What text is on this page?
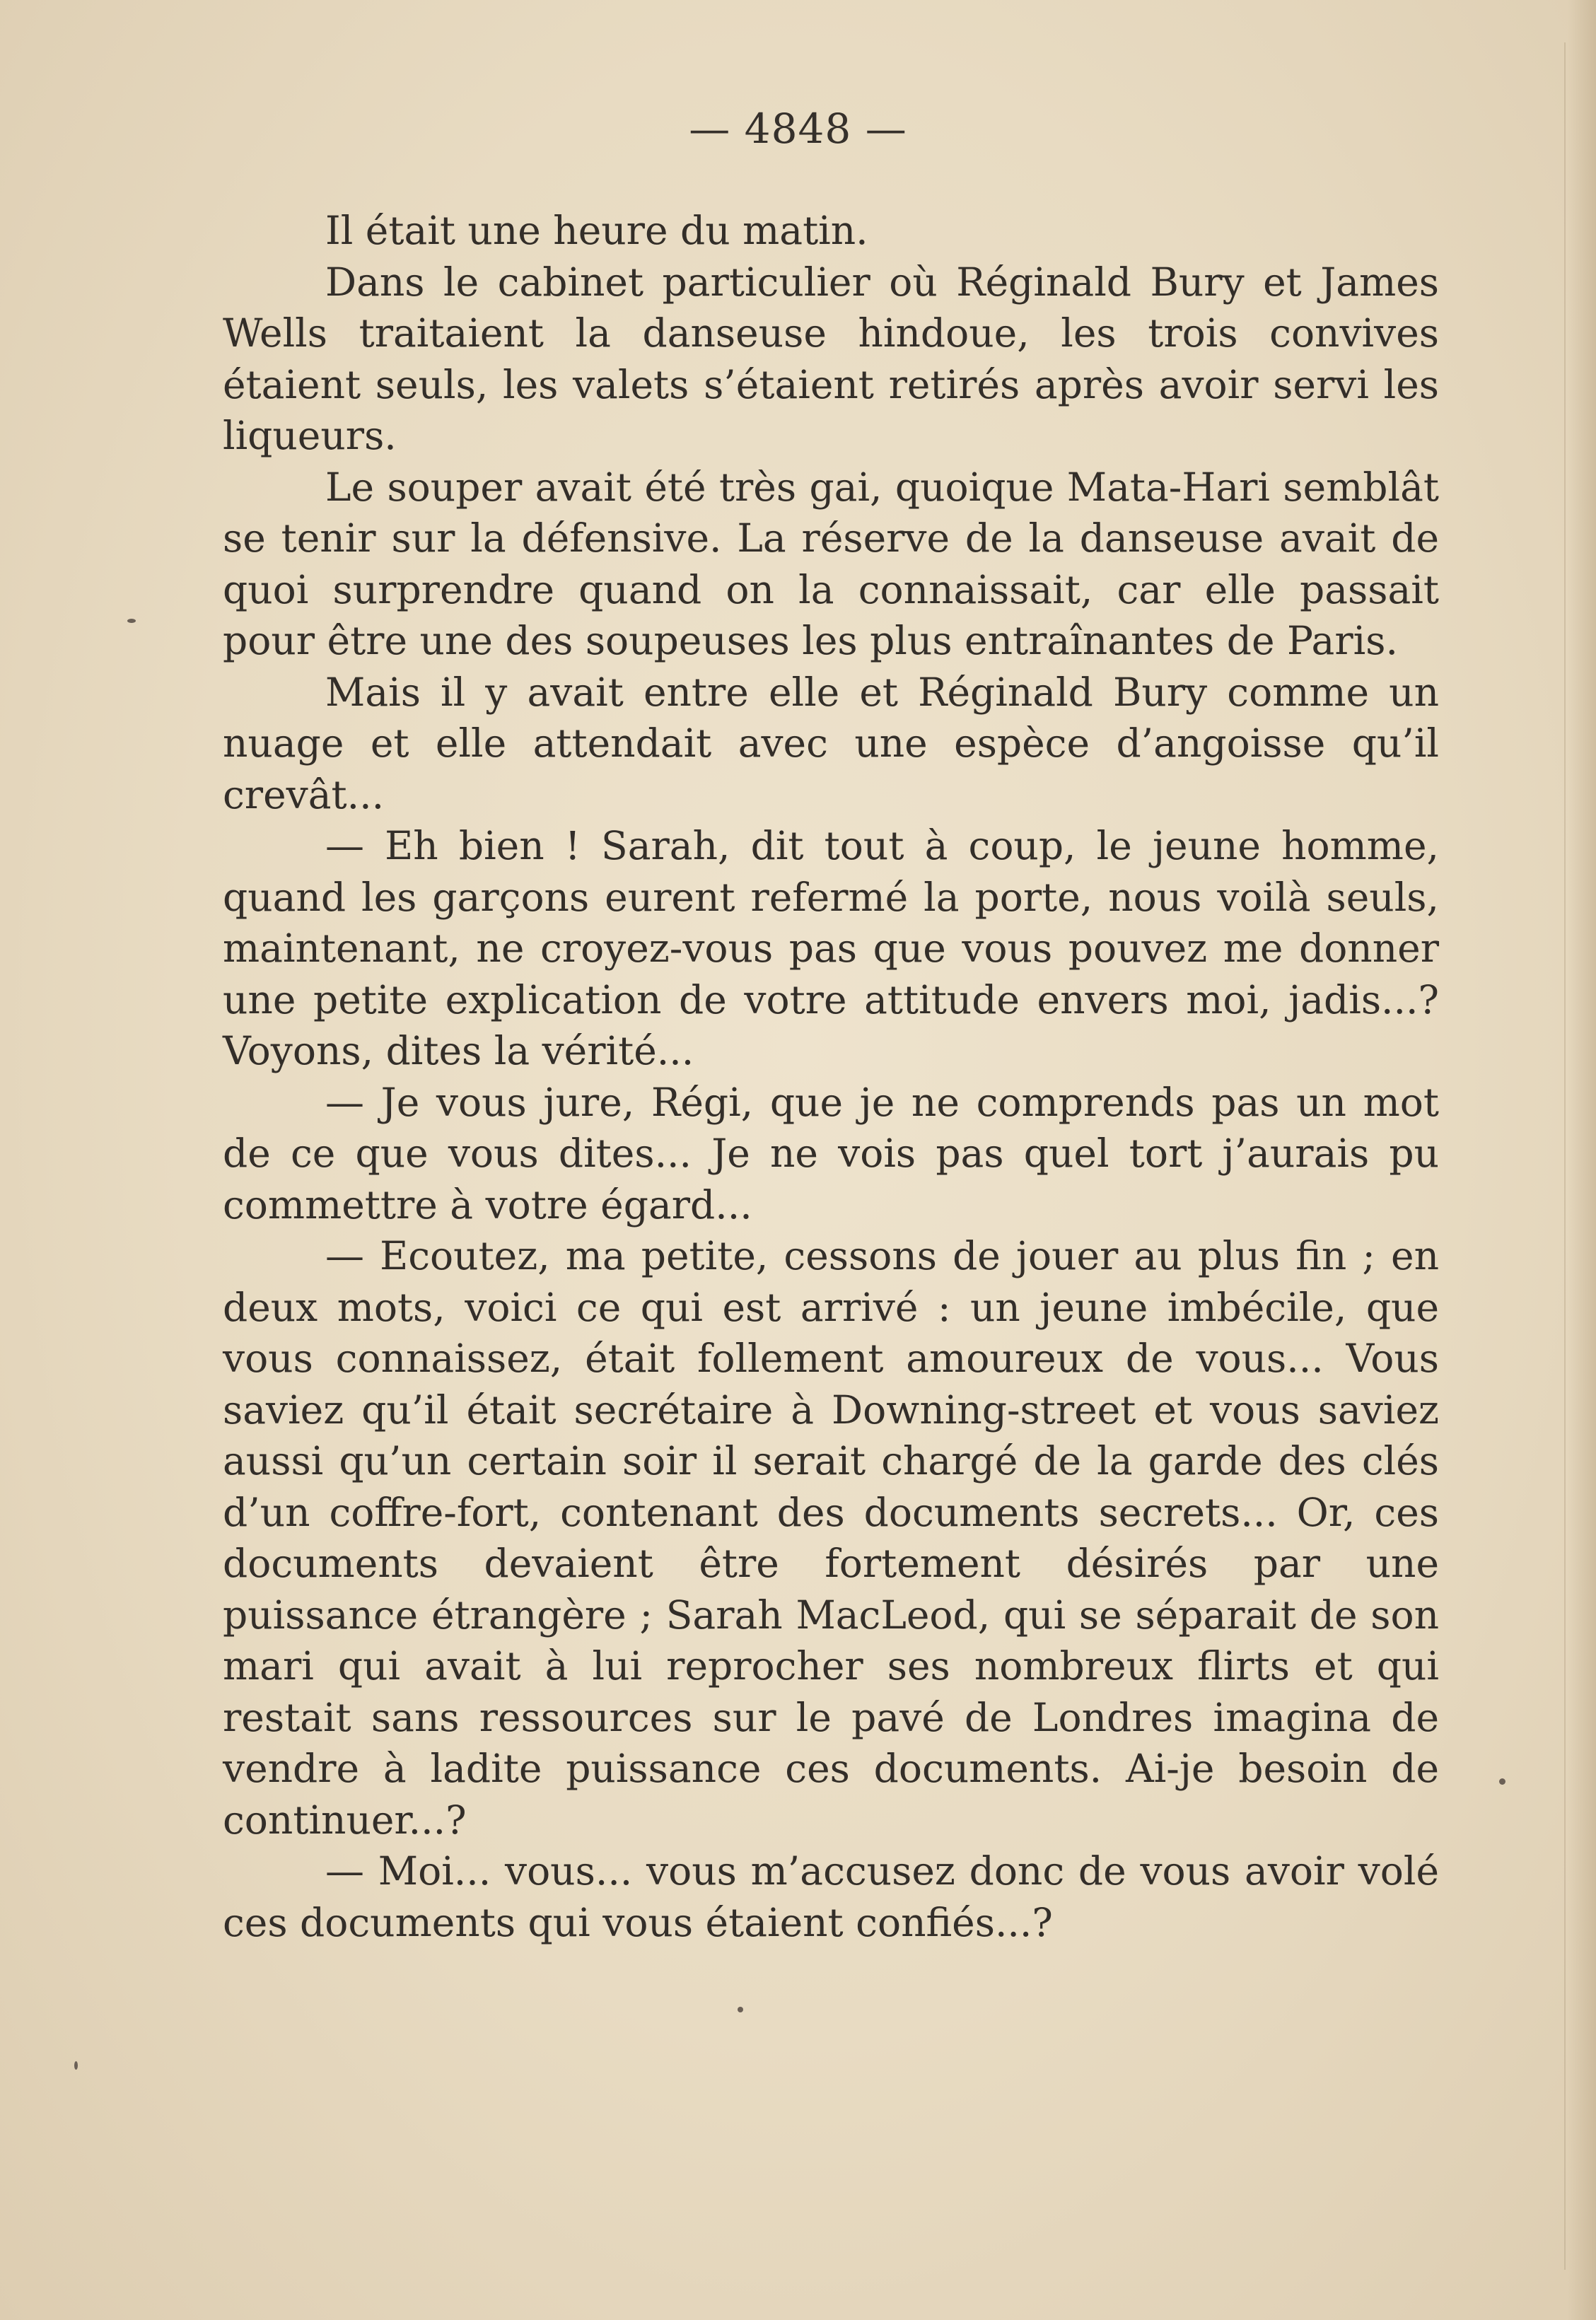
— 4848 —

Il était une heure du matin.

Dans le cabinet particulier où Réginald Bury et James Wells traitaient la danseuse hindoue, les trois convives étaient seuls, les valets s’étaient retirés après avoir servi les liqueurs.

Le souper avait été très gai, quoique Mata-Hari semblât se tenir sur la défensive. La réserve de la danseuse avait de quoi surprendre quand on la connaissait, car elle passait pour être une des soupeuses les plus entraînantes de Paris.

Mais il y avait entre elle et Réginald Bury comme un nuage et elle attendait avec une espèce d’angoisse qu’il crevât...

— Eh bien ! Sarah, dit tout à coup, le jeune homme, quand les garçons eurent refermé la porte, nous voilà seuls, maintenant, ne croyez-vous pas que vous pouvez me donner une petite explication de votre attitude envers moi, jadis...? Voyons, dites la vérité...

— Je vous jure, Régi, que je ne comprends pas un mot de ce que vous dites... Je ne vois pas quel tort j’aurais pu commettre à votre égard...

— Ecoutez, ma petite, cessons de jouer au plus fin ; en deux mots, voici ce qui est arrivé : un jeune imbécile, que vous connaissez, était follement amoureux de vous... Vous saviez qu’il était secrétaire à Downing-street et vous saviez aussi qu’un certain soir il serait chargé de la garde des clés d’un coffre-fort, contenant des documents secrets... Or, ces documents devaient être fortement désirés par une puissance étrangère ; Sarah MacLeod, qui se séparait de son mari qui avait à lui reprocher ses nombreux flirts et qui restait sans ressources sur le pavé de Londres imagina de vendre à ladite puissance ces documents. Ai-je besoin de continuer...?

— Moi... vous... vous m’accusez donc de vous avoir volé ces documents qui vous étaient confiés...?
